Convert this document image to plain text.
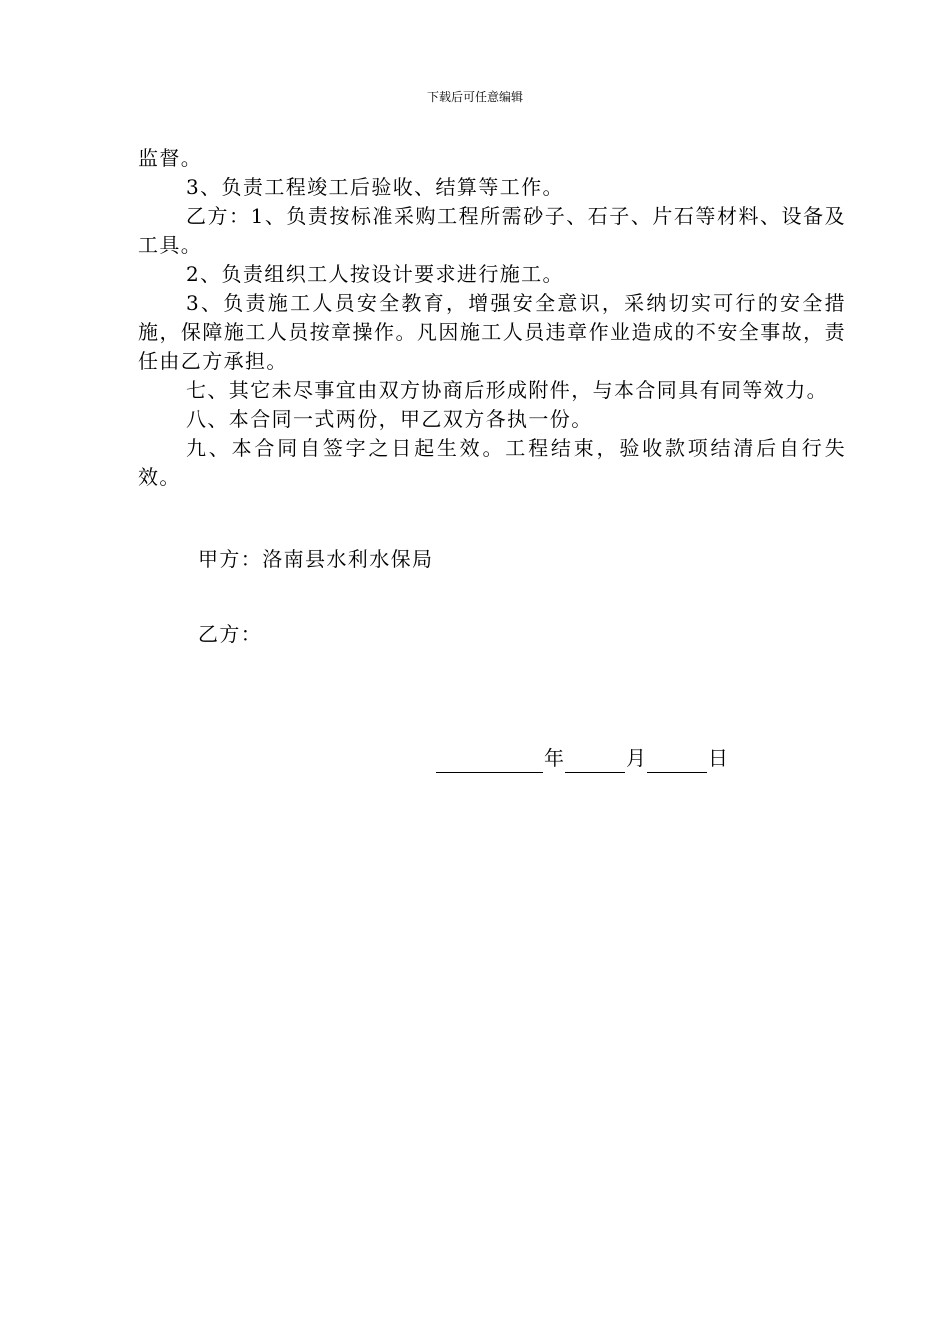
下载后可任意编辑

监督。

3、负责工程竣工后验收、结算等工作。

乙方：1、负责按标准采购工程所需砂子、石子、片石等材料、设备及工具。

2、负责组织工人按设计要求进行施工。

3、负责施工人员安全教育，增强安全意识，采纳切实可行的安全措施，保障施工人员按章操作。凡因施工人员违章作业造成的不安全事故，责任由乙方承担。

七、其它未尽事宜由双方协商后形成附件，与本合同具有同等效力。

八、本合同一式两份，甲乙双方各执一份。

九、本合同自签字之日起生效。工程结束，验收款项结清后自行失效。

甲方：洛南县水利水保局
乙方：
年	月	日
